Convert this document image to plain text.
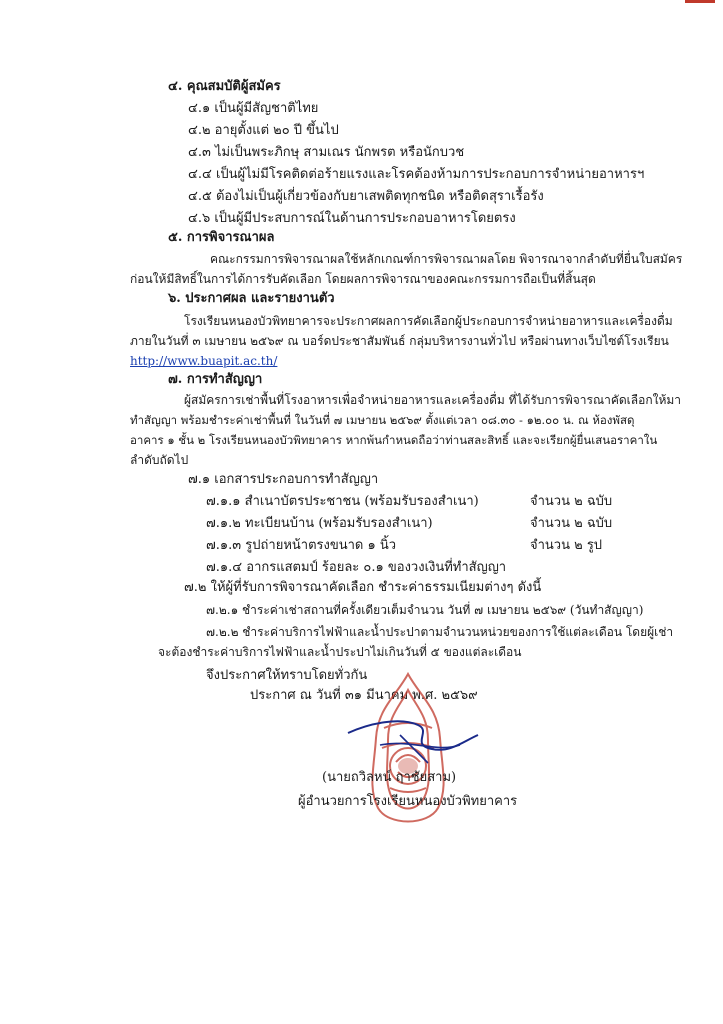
๔. คุณสมบัติผู้สมัคร
๔.๑ เป็นผู้มีสัญชาติไทย
๔.๒ อายุตั้งแต่ ๒๐ ปี ขึ้นไป
๔.๓ ไม่เป็นพระภิกษุ สามเณร นักพรต หรือนักบวช
๔.๔ เป็นผู้ไม่มีโรคติดต่อร้ายแรงและโรคต้องห้ามการประกอบการจำหน่ายอาหารฯ
๔.๕ ต้องไม่เป็นผู้เกี่ยวข้องกับยาเสพติดทุกชนิด หรือติดสุราเรื้อรัง
๔.๖ เป็นผู้มีประสบการณ์ในด้านการประกอบอาหารโดยตรง
๕. การพิจารณาผล
คณะกรรมการพิจารณาผลใช้หลักเกณฑ์การพิจารณาผลโดย พิจารณาจากลำดับที่ยื่นใบสมัคร
ก่อนให้มีสิทธิ์ในการได้การรับคัดเลือก โดยผลการพิจารณาของคณะกรรมการถือเป็นที่สิ้นสุด
๖. ประกาศผล และรายงานตัว
โรงเรียนหนองบัวพิทยาคารจะประกาศผลการคัดเลือกผู้ประกอบการจำหน่ายอาหารและเครื่องดื่ม
ภายในวันที่ ๓ เมษายน ๒๕๖๙ ณ บอร์ดประชาสัมพันธ์ กลุ่มบริหารงานทั่วไป หรือผ่านทางเว็บไซต์โรงเรียน
http://www.buapit.ac.th/
๗. การทำสัญญา
ผู้สมัครการเช่าพื้นที่โรงอาหารเพื่อจำหน่ายอาหารและเครื่องดื่ม ที่ได้รับการพิจารณาคัดเลือกให้มา
ทำสัญญา พร้อมชำระค่าเช่าพื้นที่ ในวันที่ ๗ เมษายน ๒๕๖๙ ตั้งแต่เวลา ๐๘.๓๐ - ๑๒.๐๐ น. ณ ห้องพัสดุ
อาคาร ๑ ชั้น ๒ โรงเรียนหนองบัวพิทยาคาร หากพ้นกำหนดถือว่าท่านสละสิทธิ์ และจะเรียกผู้ยื่นเสนอราคาใน
ลำดับถัดไป
๗.๑ เอกสารประกอบการทำสัญญา
๗.๑.๑ สำเนาบัตรประชาชน (พร้อมรับรองสำเนา)	จำนวน ๒ ฉบับ
๗.๑.๒ ทะเบียนบ้าน (พร้อมรับรองสำเนา)	จำนวน ๒ ฉบับ
๗.๑.๓ รูปถ่ายหน้าตรงขนาด ๑ นิ้ว	จำนวน ๒ รูป
๗.๑.๔ อากรแสตมป์ ร้อยละ ๐.๑ ของวงเงินที่ทำสัญญา
๗.๒ ให้ผู้ที่รับการพิจารณาคัดเลือก ชำระค่าธรรมเนียมต่างๆ ดังนี้
๗.๒.๑ ชำระค่าเช่าสถานที่ครั้งเดียวเต็มจำนวน วันที่ ๗ เมษายน ๒๕๖๙ (วันทำสัญญา)
๗.๒.๒ ชำระค่าบริการไฟฟ้าและน้ำประปาตามจำนวนหน่วยของการใช้แต่ละเดือน โดยผู้เช่า
จะต้องชำระค่าบริการไฟฟ้าและน้ำประปาไม่เกินวันที่ ๕ ของแต่ละเดือน
จึงประกาศให้ทราบโดยทั่วกัน
ประกาศ ณ วันที่ ๓๑ มีนาคม พ.ศ. ๒๕๖๙
(นายถวิลหน์ ฤาชัยสาม)
ผู้อำนวยการโรงเรียนหนองบัวพิทยาคาร
